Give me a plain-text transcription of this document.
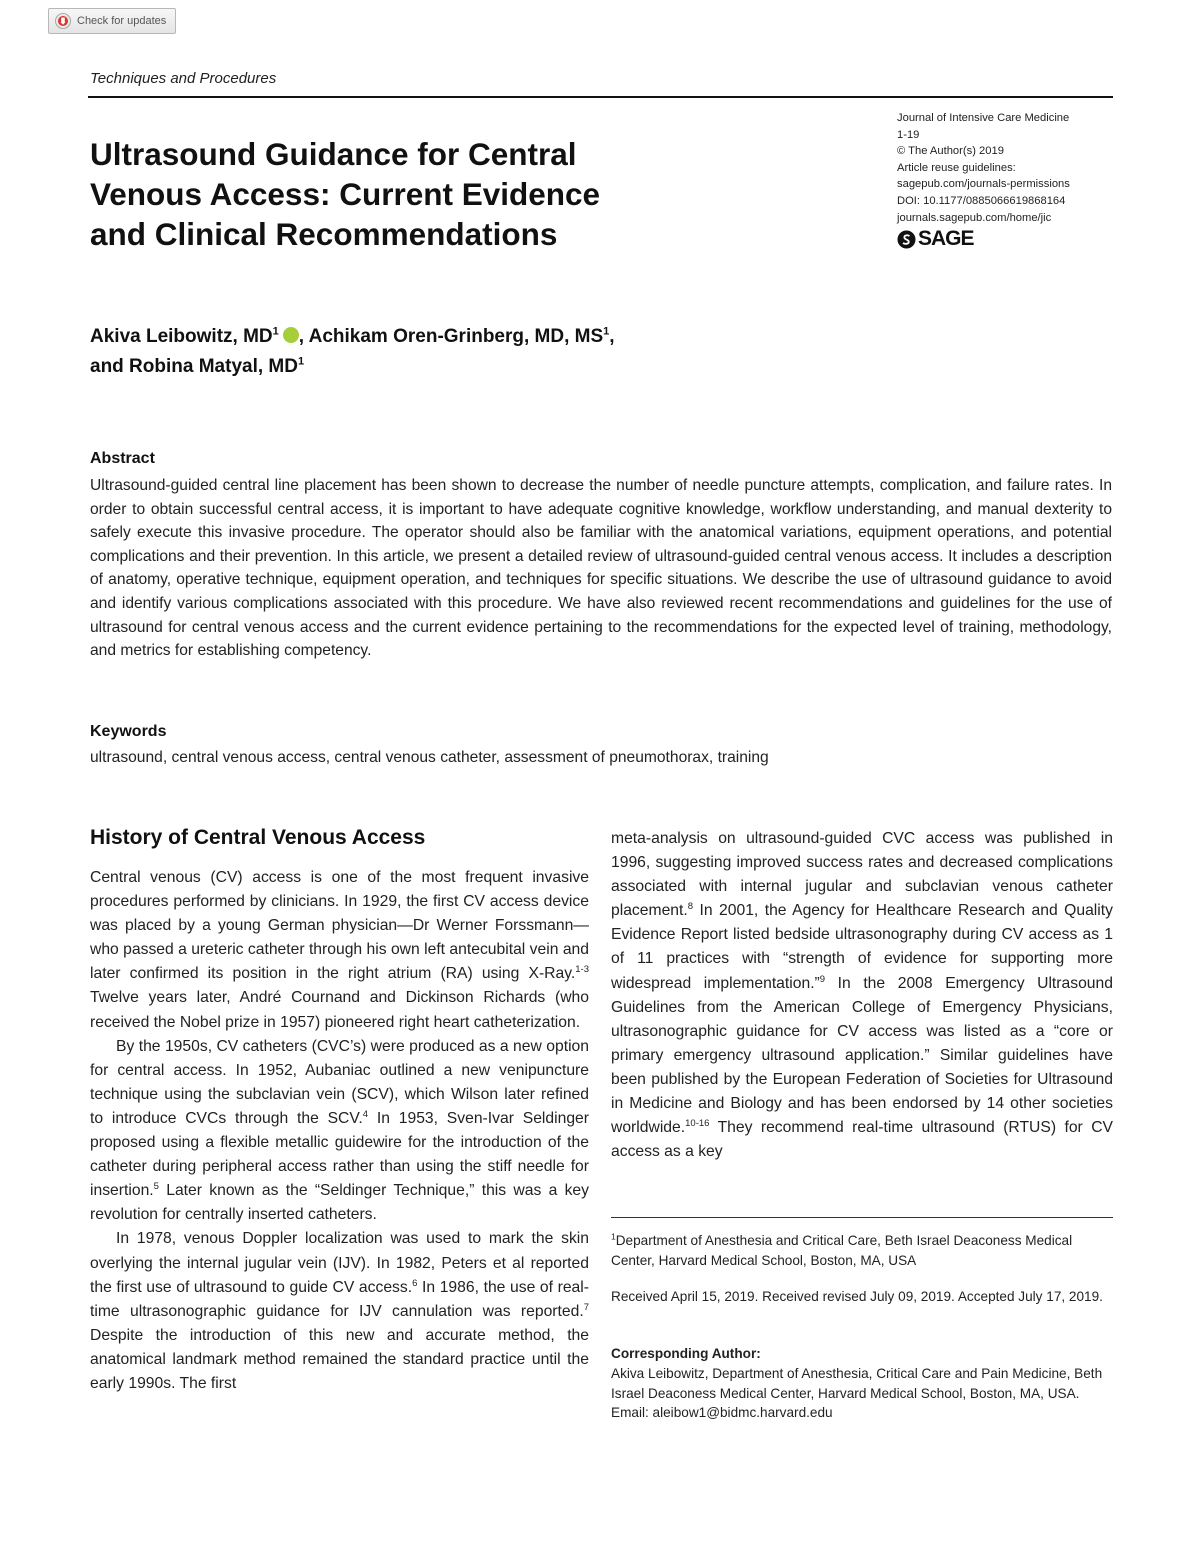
Check for updates
Techniques and Procedures
Ultrasound Guidance for Central
Venous Access: Current Evidence
and Clinical Recommendations
Journal of Intensive Care Medicine
1-19
© The Author(s) 2019
Article reuse guidelines:
sagepub.com/journals-permissions
DOI: 10.1177/0885066619868164
journals.sagepub.com/home/jic
SAGE
Akiva Leibowitz, $MD^1$ , Achikam Oren-Grinberg, MD, $MS^1$,
and Robina Matyal, $MD^1$
Abstract

Ultrasound-guided central line placement has been shown to decrease the number of needle puncture attempts, complication, and failure rates. In order to obtain successful central access, it is important to have adequate cognitive knowledge, workflow understanding, and manual dexterity to safely execute this invasive procedure. The operator should also be familiar with the anatomical variations, equipment operations, and potential complications and their prevention. In this article, we present a detailed review of ultrasound-guided central venous access. It includes a description of anatomy, operative technique, equipment operation, and techniques for specific situations. We describe the use of ultrasound guidance to avoid and identify various complications associated with this procedure. We have also reviewed recent recommendations and guidelines for the use of ultrasound for central venous access and the current evidence pertaining to the recommendations for the expected level of training, methodology, and metrics for establishing competency.

Keywords
ultrasound, central venous access, central venous catheter, assessment of pneumothorax, training
History of Central Venous Access

Central venous (CV) access is one of the most frequent invasive procedures performed by clinicians. In 1929, the first CV access device was placed by a young German physician—Dr Werner Forssmann—who passed a ureteric catheter through his own left antecubital vein and later confirmed its position in the right atrium (RA) using X-Ray.$^{1-3}$ Twelve years later, André Cournand and Dickinson Richards (who received the Nobel prize in 1957) pioneered right heart catheterization.

By the 1950s, CV catheters (CVC’s) were produced as a new option for central access. In 1952, Aubaniac outlined a new venipuncture technique using the subclavian vein (SCV), which Wilson later refined to introduce CVCs through the SCV.$^4$ In 1953, Sven-Ivar Seldinger proposed using a flexible metallic guidewire for the introduction of the catheter during peripheral access rather than using the stiff needle for insertion.$^5$ Later known as the “Seldinger Technique,” this was a key revolution for centrally inserted catheters.

In 1978, venous Doppler localization was used to mark the skin overlying the internal jugular vein (IJV). In 1982, Peters et al reported the first use of ultrasound to guide CV access.$^6$ In 1986, the use of real-time ultrasonographic guidance for IJV cannulation was reported.$^7$ Despite the introduction of this new and accurate method, the anatomical landmark method remained the standard practice until the early 1990s. The first

meta-analysis on ultrasound-guided CVC access was published in 1996, suggesting improved success rates and decreased complications associated with internal jugular and subclavian venous catheter placement.$^8$ In 2001, the Agency for Healthcare Research and Quality Evidence Report listed bedside ultrasonography during CV access as 1 of 11 practices with “strength of evidence for supporting more widespread implementation.”$^9$ In the 2008 Emergency Ultrasound Guidelines from the American College of Emergency Physicians, ultrasonographic guidance for CV access was listed as a “core or primary emergency ultrasound application.” Similar guidelines have been published by the European Federation of Societies for Ultrasound in Medicine and Biology and has been endorsed by 14 other societies worldwide.$^{10-16}$ They recommend real-time ultrasound (RTUS) for CV access as a key

$^1$Department of Anesthesia and Critical Care, Beth Israel Deaconess Medical Center, Harvard Medical School, Boston, MA, USA

Received April 15, 2019. Received revised July 09, 2019. Accepted July 17, 2019.

Corresponding Author:

Akiva Leibowitz, Department of Anesthesia, Critical Care and Pain Medicine, Beth Israel Deaconess Medical Center, Harvard Medical School, Boston, MA, USA.

Email: aleibow1@bidmc.harvard.edu
